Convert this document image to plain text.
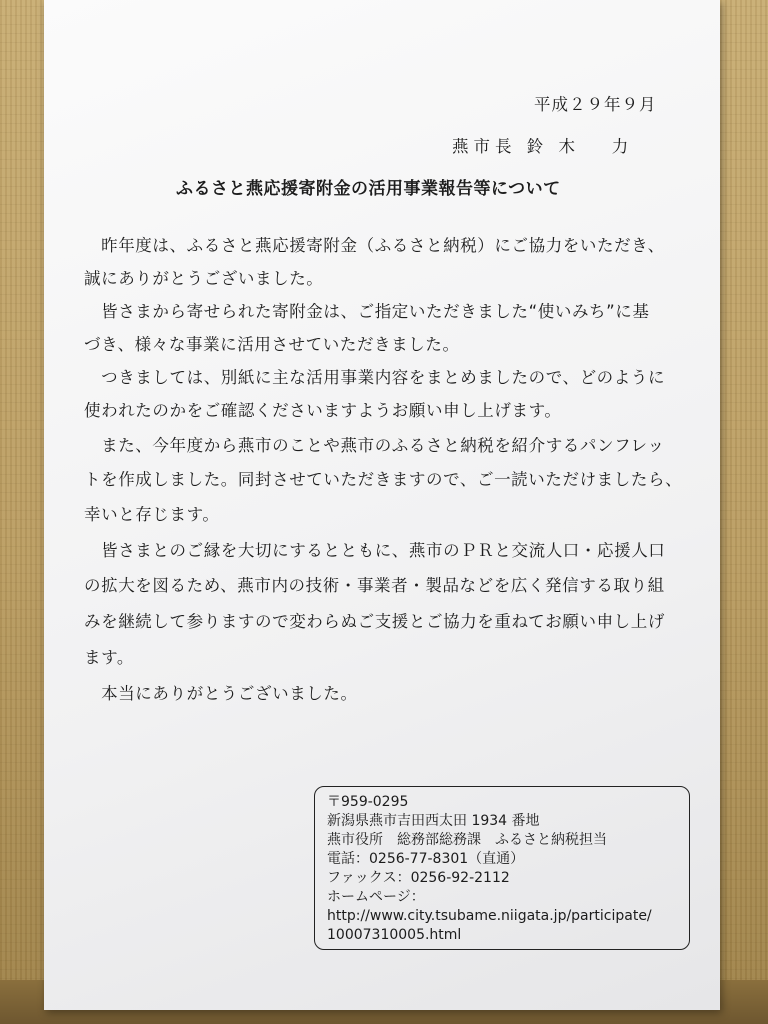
平成２９年９月
燕市長 鈴 木　 力
ふるさと燕応援寄附金の活用事業報告等について
　昨年度は、ふるさと燕応援寄附金（ふるさと納税）にご協力をいただき、
誠にありがとうございました。
　皆さまから寄せられた寄附金は、ご指定いただきました“使いみち”に基
づき、様々な事業に活用させていただきました。
　つきましては、別紙に主な活用事業内容をまとめましたので、どのように
使われたのかをご確認くださいますようお願い申し上げます。
　また、今年度から燕市のことや燕市のふるさと納税を紹介するパンフレッ
トを作成しました。同封させていただきますので、ご一読いただけましたら、
幸いと存じます。
　皆さまとのご縁を大切にするとともに、燕市のＰＲと交流人口・応援人口
の拡大を図るため、燕市内の技術・事業者・製品などを広く発信する取り組
みを継続して参りますので変わらぬご支援とご協力を重ねてお願い申し上げ
ます。
　本当にありがとうございました。
〒959-0295
新潟県燕市吉田西太田 1934 番地
燕市役所　総務部総務課　ふるさと納税担当
電話：0256-77-8301（直通）
ファックス：0256-92-2112
ホームページ：
http://www.city.tsubame.niigata.jp/participate/
10007310005.html
